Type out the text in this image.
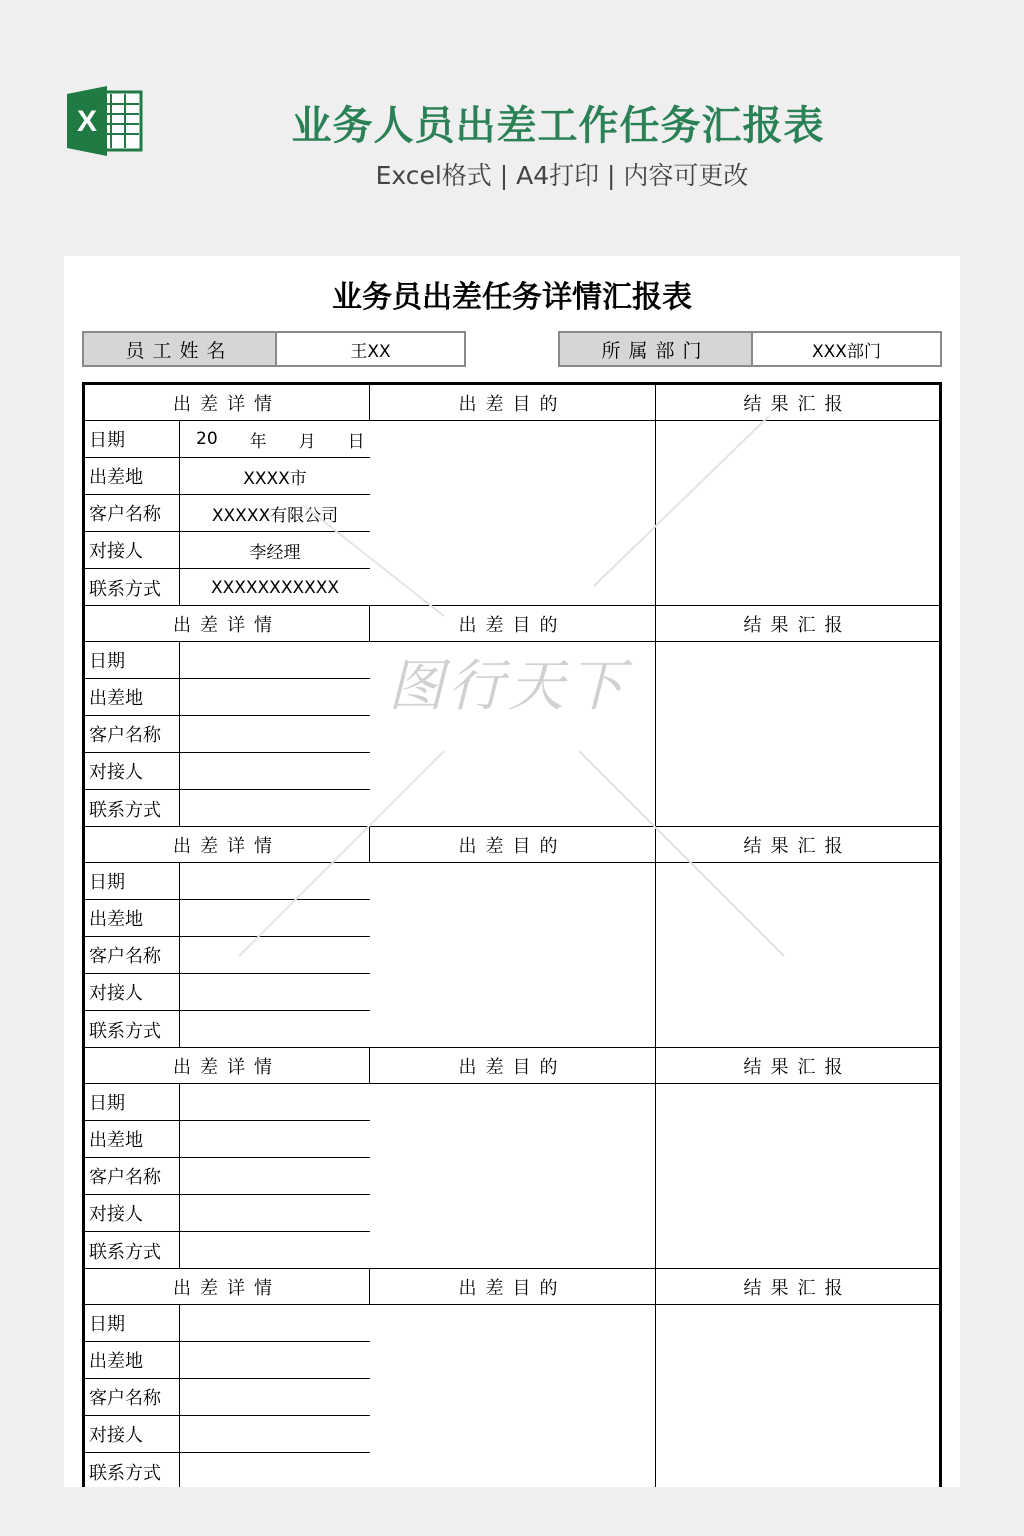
X	业务人员出差工作任务汇报表
Excel格式 | A4打印 | 内容可更改
业务员出差任务详情汇报表
员工姓名	王XX	所属部门	XXX部门
出差详情	出差目的	结果汇报
日期	20 年 月 日
出差地	XXXX市
客户名称	XXXXX有限公司
对接人	李经理
联系方式	XXXXXXXXXXX
出差详情	出差目的	结果汇报
日期
出差地
客户名称
对接人
联系方式
出差详情	出差目的	结果汇报
日期
出差地
客户名称
对接人
联系方式
出差详情	出差目的	结果汇报
日期
出差地
客户名称
对接人
联系方式
出差详情	出差目的	结果汇报
日期
出差地
客户名称
对接人
联系方式
图行天下
